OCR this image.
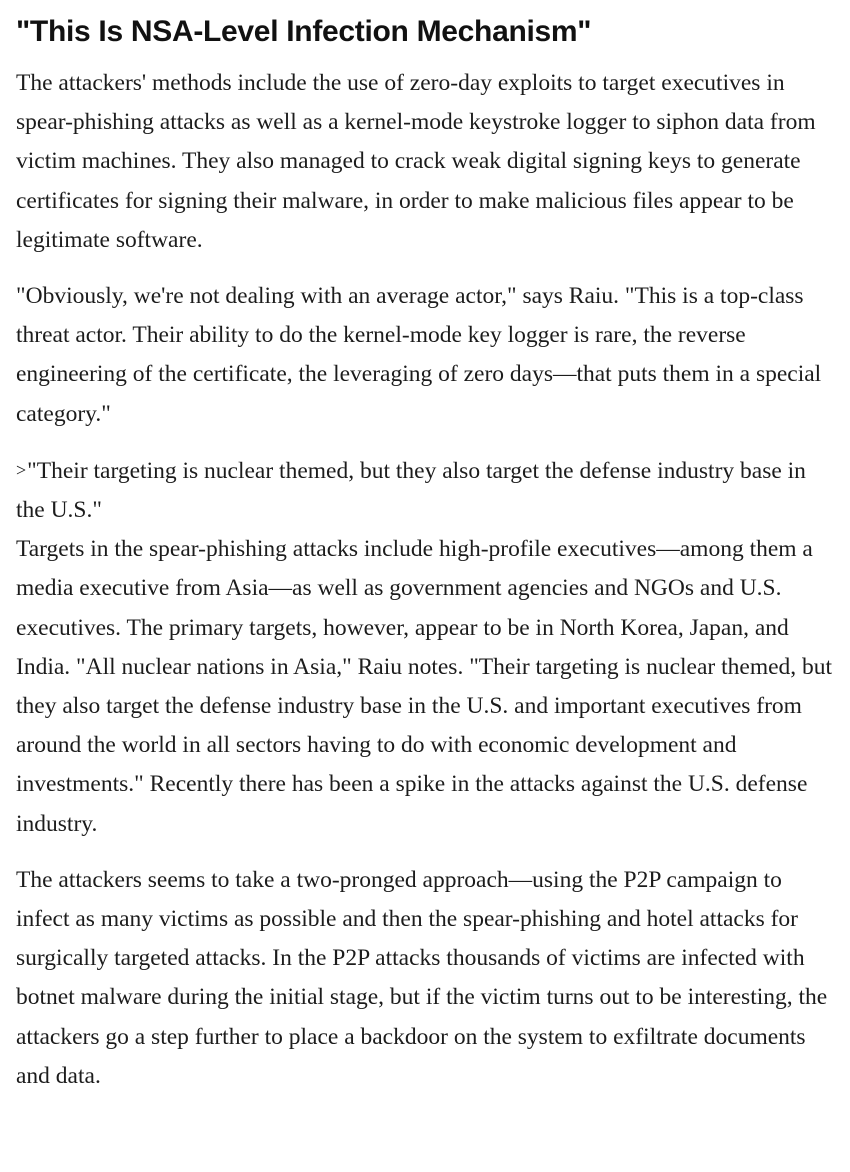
"This Is NSA-Level Infection Mechanism"

The attackers' methods include the use of zero-day exploits to target executives in spear-phishing attacks as well as a kernel-mode keystroke logger to siphon data from victim machines. They also managed to crack weak digital signing keys to generate certificates for signing their malware, in order to make malicious files appear to be legitimate software.

"Obviously, we're not dealing with an average actor," says Raiu. "This is a top-class threat actor. Their ability to do the kernel-mode key logger is rare, the reverse engineering of the certificate, the leveraging of zero days—that puts them in a special category."

>"Their targeting is nuclear themed, but they also target the defense industry base in the U.S."

Targets in the spear-phishing attacks include high-profile executives—among them a media executive from Asia—as well as government agencies and NGOs and U.S. executives. The primary targets, however, appear to be in North Korea, Japan, and India. "All nuclear nations in Asia," Raiu notes. "Their targeting is nuclear themed, but they also target the defense industry base in the U.S. and important executives from around the world in all sectors having to do with economic development and investments." Recently there has been a spike in the attacks against the U.S. defense industry.

The attackers seems to take a two-pronged approach—using the P2P campaign to infect as many victims as possible and then the spear-phishing and hotel attacks for surgically targeted attacks. In the P2P attacks thousands of victims are infected with botnet malware during the initial stage, but if the victim turns out to be interesting, the attackers go a step further to place a backdoor on the system to exfiltrate documents and data.
